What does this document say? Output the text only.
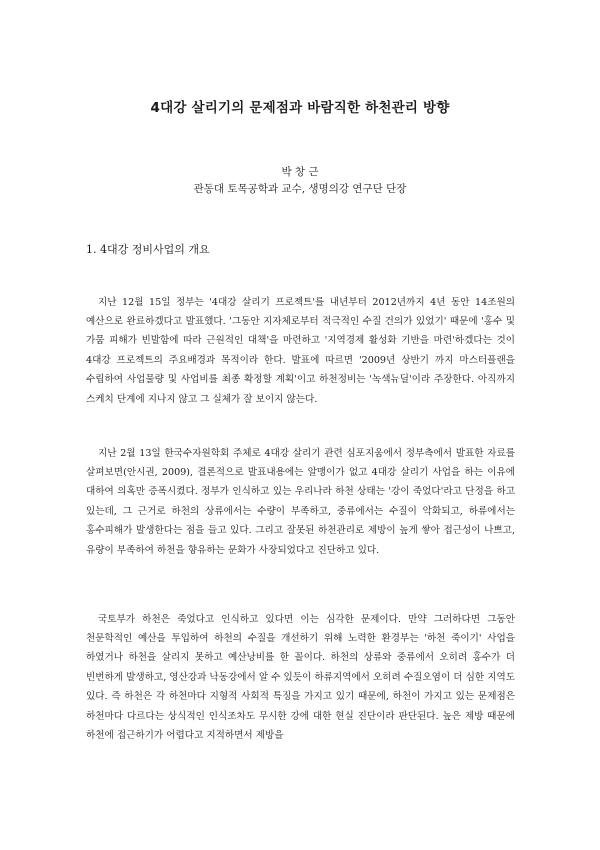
4대강 살리기의 문제점과 바람직한 하천관리 방향
박 창 근
관동대 토목공학과 교수, 생명의강 연구단 단장
1. 4대강 정비사업의 개요

지난 12월 15일 정부는 '4대강 살리기 프로젝트'를 내년부터 2012년까지 4년 동안 14조원의 예산으로 완료하겠다고 발표했다. '그동안 지자체로부터 적극적인 수질 건의가 있었기' 때문에 '홍수 및 가뭄 피해가 빈발함에 따라 근원적인 대책'을 마련하고 '지역경제 활성화 기반을 마련'하겠다는 것이 4대강 프로젝트의 주요배경과 목적이라 한다. 발표에 따르면 '2009년 상반기 까지 마스터플랜을 수립하여 사업물량 및 사업비를 최종 확정할 계획'이고 하천정비는 '녹색뉴딜'이라 주장한다. 아직까지 스케치 단계에 지나지 않고 그 실체가 잘 보이지 않는다.

지난 2월 13일 한국수자원학회 주체로 4대강 살리기 관련 심포지움에서 정부측에서 발표한 자료를 살펴보면(안시권, 2009), 결론적으로 발표내용에는 알맹이가 없고 4대강 살리기 사업을 하는 이유에 대하여 의혹만 증폭시켰다. 정부가 인식하고 있는 우리나라 하천 상태는 '강이 죽었다'라고 단정을 하고 있는데, 그 근거로 하천의 상류에서는 수량이 부족하고, 중류에서는 수질이 악화되고, 하류에서는 홍수피해가 발생한다는 점을 들고 있다. 그리고 잘못된 하천관리로 제방이 높게 쌓아 접근성이 나쁘고, 유량이 부족하여 하천을 향유하는 문화가 사장되었다고 진단하고 있다.

국토부가 하천은 죽었다고 인식하고 있다면 이는 심각한 문제이다. 만약 그러하다면 그동안 천문학적인 예산을 투입하여 하천의 수질을 개선하기 위해 노력한 환경부는 '하천 죽이기' 사업을 하였거나 하천을 살리지 못하고 예산낭비를 한 꼴이다. 하천의 상류와 중류에서 오히려 홍수가 더 빈번하게 발생하고, 영산강과 낙동강에서 알 수 있듯이 하류지역에서 오히려 수질오염이 더 심한 지역도 있다. 즉 하천은 각 하천마다 지형적 사회적 특징을 가지고 있기 때문에, 하천이 가지고 있는 문제점은 하천마다 다르다는 상식적인 인식조차도 무시한 강에 대한 현실 진단이라 판단된다. 높은 제방 때문에 하천에 접근하기가 어렵다고 지적하면서 제방을
